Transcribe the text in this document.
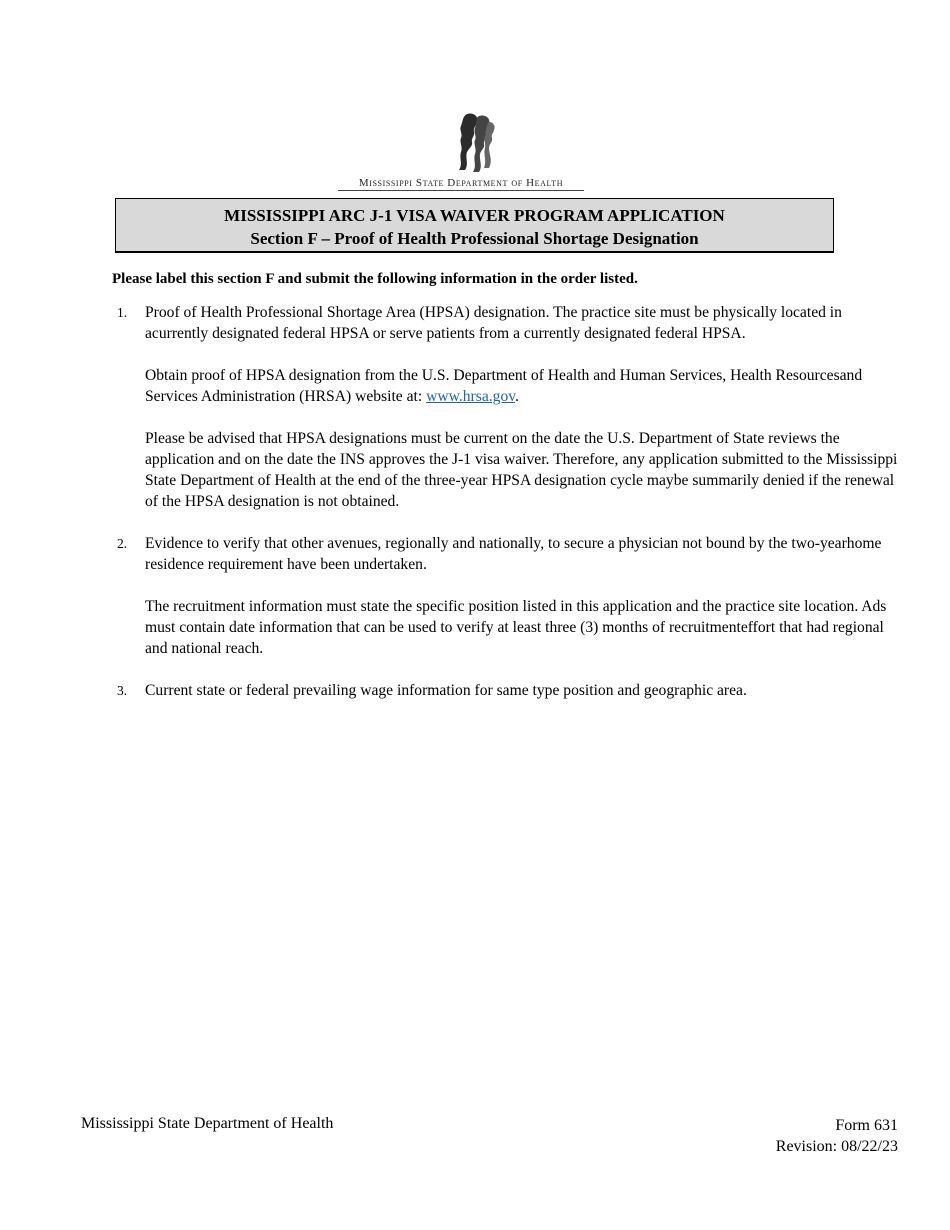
Mississippi State Department of Health
MISSISSIPPI ARC J-1 VISA WAIVER PROGRAM APPLICATION
Section F – Proof of Health Professional Shortage Designation
Please label this section F and submit the following information in the order listed.
1. Proof of Health Professional Shortage Area (HPSA) designation. The practice site must be physically located in acurrently designated federal HPSA or serve patients from a currently designated federal HPSA.

Obtain proof of HPSA designation from the U.S. Department of Health and Human Services, Health Resourcesand Services Administration (HRSA) website at: www.hrsa.gov.

Please be advised that HPSA designations must be current on the date the U.S. Department of State reviews the application and on the date the INS approves the J-1 visa waiver. Therefore, any application submitted to the Mississippi State Department of Health at the end of the three-year HPSA designation cycle maybe summarily denied if the renewal of the HPSA designation is not obtained.

2. Evidence to verify that other avenues, regionally and nationally, to secure a physician not bound by the two-yearhome residence requirement have been undertaken.

The recruitment information must state the specific position listed in this application and the practice site location. Ads must contain date information that can be used to verify at least three (3) months of recruitmenteffort that had regional and national reach.

3. Current state or federal prevailing wage information for same type position and geographic area.

Mississippi State Department of Health	Form 631
Revision: 08/22/23
